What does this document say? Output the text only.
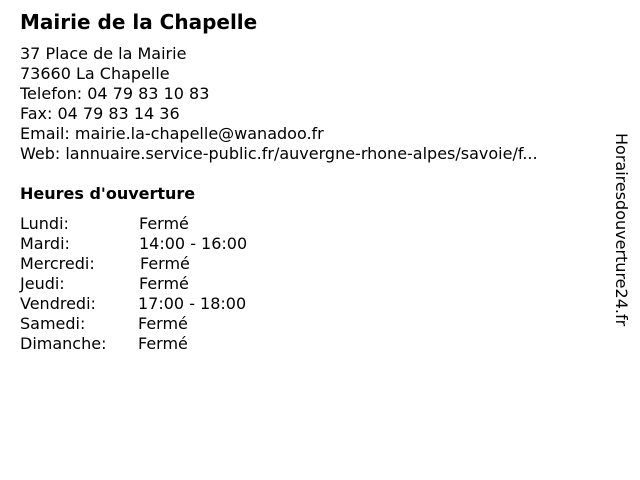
Mairie de la Chapelle
37 Place de la Mairie
73660 La Chapelle
Telefon: 04 79 83 10 83
Fax: 04 79 83 14 36
Email: mairie.la-chapelle@wanadoo.fr
Web: lannuaire.service-public.fr/auvergne-rhone-alpes/savoie/f...
Heures d'ouverture
Lundi:	Fermé
Mardi:	14:00 - 16:00
Mercredi:	Fermé
Jeudi:	Fermé
Vendredi:	17:00 - 18:00
Samedi:	Fermé
Dimanche: Fermé
Horairesdouverture24.fr
